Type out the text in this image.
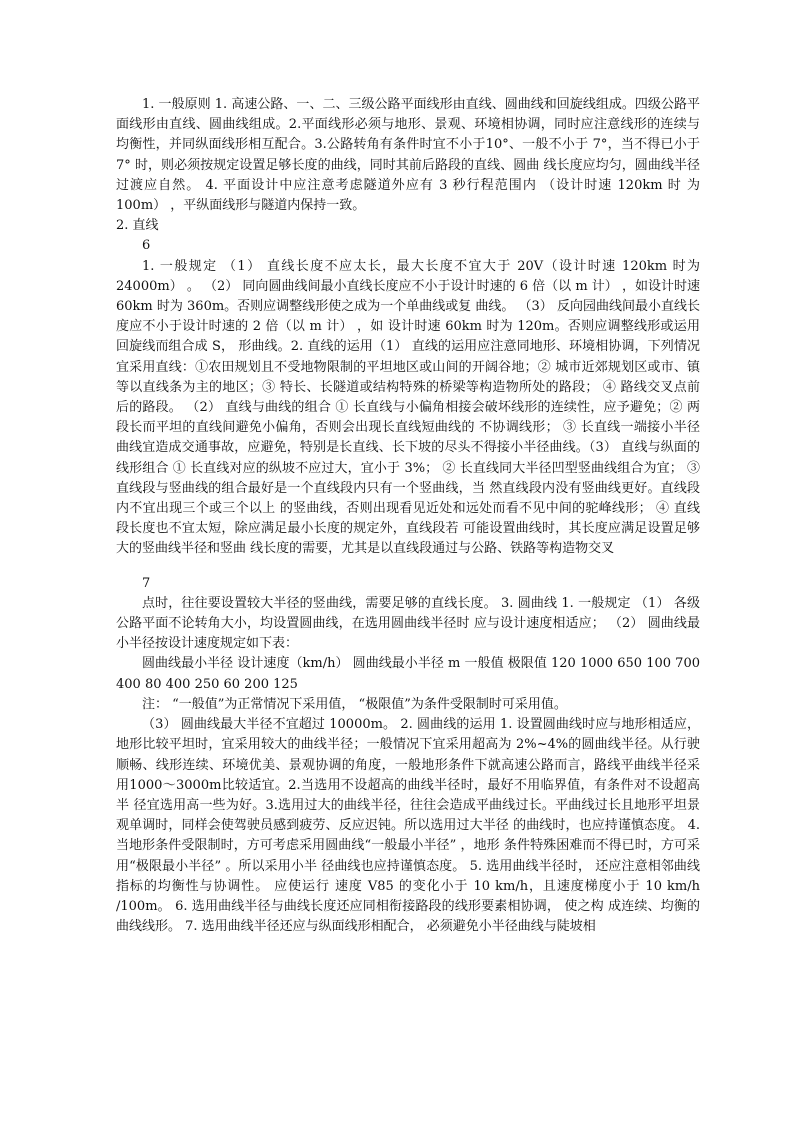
1. 一般原则 1. 高速公路、一、二、三级公路平面线形由直线、圆曲线和回旋线组成。四级公路平面线形由直线、圆曲线组成。2.平面线形必须与地形、景观、环境相协调，同时应注意线形的连续与均衡性，并同纵面线形相互配合。3.公路转角有条件时宜不小于10°、一般不小于 7°，当不得已小于 7° 时，则必须按规定设置足够长度的曲线，同时其前后路段的直线、圆曲 线长度应均匀，圆曲线半径过渡应自然。 4. 平面设计中应注意考虑隧道外应有 3 秒行程范围内 （设计时速 120km 时 为 100m） ，平纵面线形与隧道内保持一致。

2. 直线

6

1. 一般规定 （1） 直线长度不应太长，最大长度不宜大于 20V（设计时速 120km 时为 24000m） 。 （2） 同向圆曲线间最小直线长度应不小于设计时速的 6 倍（以 m 计） ，如设计时速 60km 时为 360m。否则应调整线形使之成为一个单曲线或复 曲线。 （3） 反向园曲线间最小直线长度应不小于设计时速的 2 倍（以 m 计） ，如 设计时速 60km 时为 120m。否则应调整线形或运用回旋线而组合成 S， 形曲线。2. 直线的运用（1） 直线的运用应注意同地形、环境相协调，下列情况宜采用直线：①农田规划且不受地物限制的平坦地区或山间的开阔谷地；② 城市近郊规划区或市、镇等以直线条为主的地区；③ 特长、长隧道或结构特殊的桥梁等构造物所处的路段； ④ 路线交叉点前后的路段。 （2） 直线与曲线的组合 ① 长直线与小偏角相接会破坏线形的连续性，应予避免；② 两段长而平坦的直线间避免小偏角，否则会出现长直线短曲线的 不协调线形； ③ 长直线一端接小半径曲线宜造成交通事故，应避免，特别是长直线、长下坡的尽头不得接小半径曲线。（3） 直线与纵面的线形组合 ① 长直线对应的纵坡不应过大，宜小于 3%； ② 长直线同大半径凹型竖曲线组合为宜； ③ 直线段与竖曲线的组合最好是一个直线段内只有一个竖曲线，当 然直线段内没有竖曲线更好。直线段内不宜出现三个或三个以上 的竖曲线，否则出现看见近处和远处而看不见中间的驼峰线形； ④ 直线段长度也不宜太短，除应满足最小长度的规定外，直线段若 可能设置曲线时，其长度应满足设置足够大的竖曲线半径和竖曲 线长度的需要，尤其是以直线段通过与公路、铁路等构造物交叉

7

点时，往往要设置较大半径的竖曲线，需要足够的直线长度。 3. 圆曲线 1. 一般规定 （1） 各级公路平面不论转角大小，均设置圆曲线，在选用圆曲线半径时 应与设计速度相适应； （2） 圆曲线最小半径按设计速度规定如下表：

圆曲线最小半径 设计速度（km/h） 圆曲线最小半径 m 一般值 极限值 120 1000 650 100 700 400 80 400 250 60 200 125

注： “一般值”为正常情况下采用值， “极限值”为条件受限制时可采用值。

（3） 圆曲线最大半径不宜超过 10000m。 2. 圆曲线的运用 1. 设置圆曲线时应与地形相适应，地形比较平坦时，宜采用较大的曲线半径；一般情况下宜采用超高为 2%~4%的圆曲线半径。从行驶顺畅、线形连续、环境优美、景观协调的角度，一般地形条件下就高速公路而言，路线平曲线半径采用1000～3000m比较适宜。2.当选用不设超高的曲线半径时，最好不用临界值，有条件对不设超高半 径宜选用高一些为好。3.选用过大的曲线半径，往往会造成平曲线过长。平曲线过长且地形平坦景观单调时，同样会使驾驶员感到疲劳、反应迟钝。所以选用过大半径 的曲线时，也应持谨慎态度。 4. 当地形条件受限制时，方可考虑采用圆曲线“一般最小半径” ，地形 条件特殊困难而不得已时，方可采用“极限最小半径” 。所以采用小半 径曲线也应持谨慎态度。 5. 选用曲线半径时， 还应注意相邻曲线指标的均衡性与协调性。 应使运行 速度 V85 的变化小于 10 km/h，且速度梯度小于 10 km/h /100m。 6. 选用曲线半径与曲线长度还应同相衔接路段的线形要素相协调， 使之构 成连续、均衡的曲线线形。 7. 选用曲线半径还应与纵面线形相配合， 必须避免小半径曲线与陡坡相
